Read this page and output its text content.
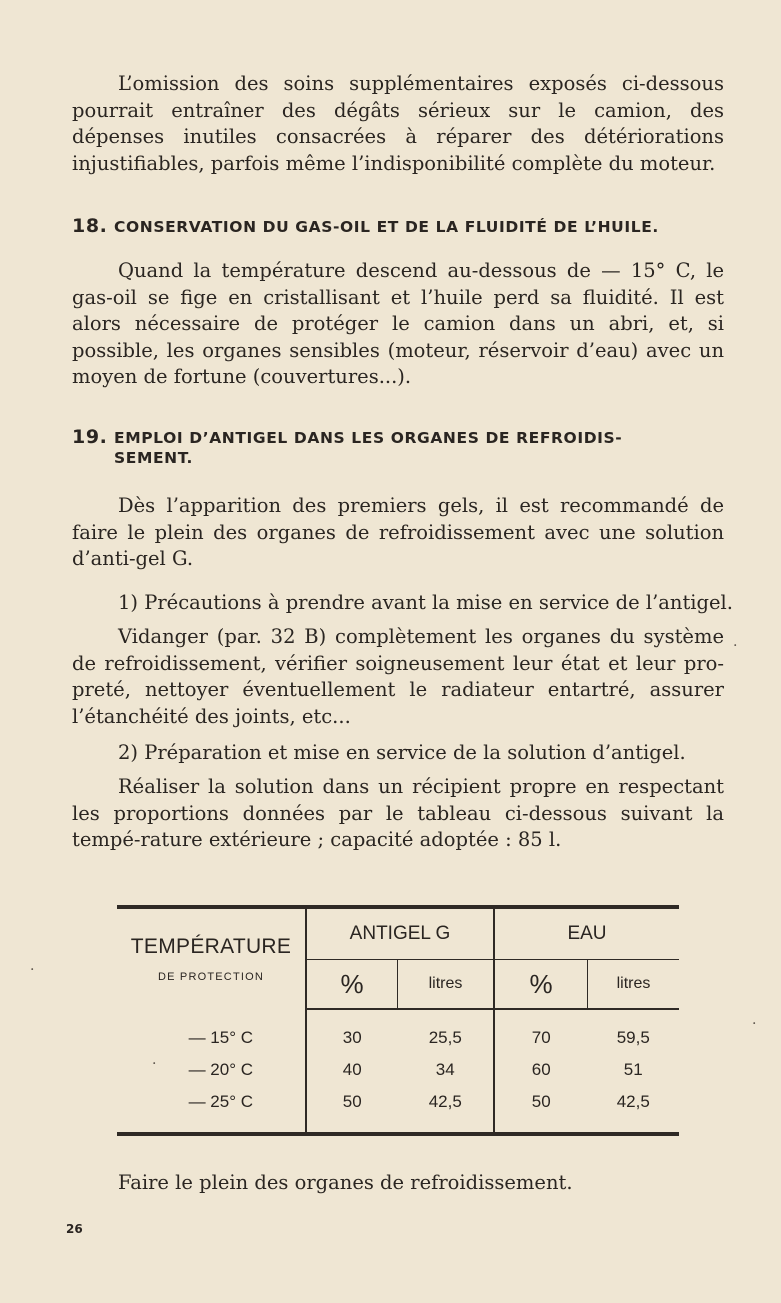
L’omission des soins supplémentaires exposés ci-dessous pourrait entraîner des dégâts sérieux sur le camion, des dépenses inutiles consacrées à réparer des détériorations injustifiables, parfois même l’indisponibilité complète du moteur.

18. CONSERVATION DU GAS-OIL ET DE LA FLUIDITÉ DE L’HUILE.

Quand la température descend au-dessous de — 15° C, le gas-oil se fige en cristallisant et l’huile perd sa fluidité. Il est alors nécessaire de protéger le camion dans un abri, et, si possible, les organes sensibles (moteur, réservoir d’eau) avec un moyen de fortune (couvertures...).

19. EMPLOI D’ANTIGEL DANS LES ORGANES DE REFROIDIS-
SEMENT.

Dès l’apparition des premiers gels, il est recommandé de faire le plein des organes de refroidissement avec une solution d’anti-gel G.

1) Précautions à prendre avant la mise en service de l’antigel.

Vidanger (par. 32 B) complètement les organes du système de refroidissement, vérifier soigneusement leur état et leur pro-preté, nettoyer éventuellement le radiateur entartré, assurer l’étanchéité des joints, etc...

2) Préparation et mise en service de la solution d’antigel.

Réaliser la solution dans un récipient propre en respectant les proportions données par le tableau ci-dessous suivant la tempé-rature extérieure ; capacité adoptée : 85 l.

TEMPÉRATURE
DE PROTECTION	ANTIGEL G		EAU	
	%	litres	%	litres
— 15° C	30	25,5	70	59,5
— 20° C	40	34	60	51
— 25° C	50	42,5	50	42,5

Faire le plein des organes de refroidissement.

26
·
·
.
·
